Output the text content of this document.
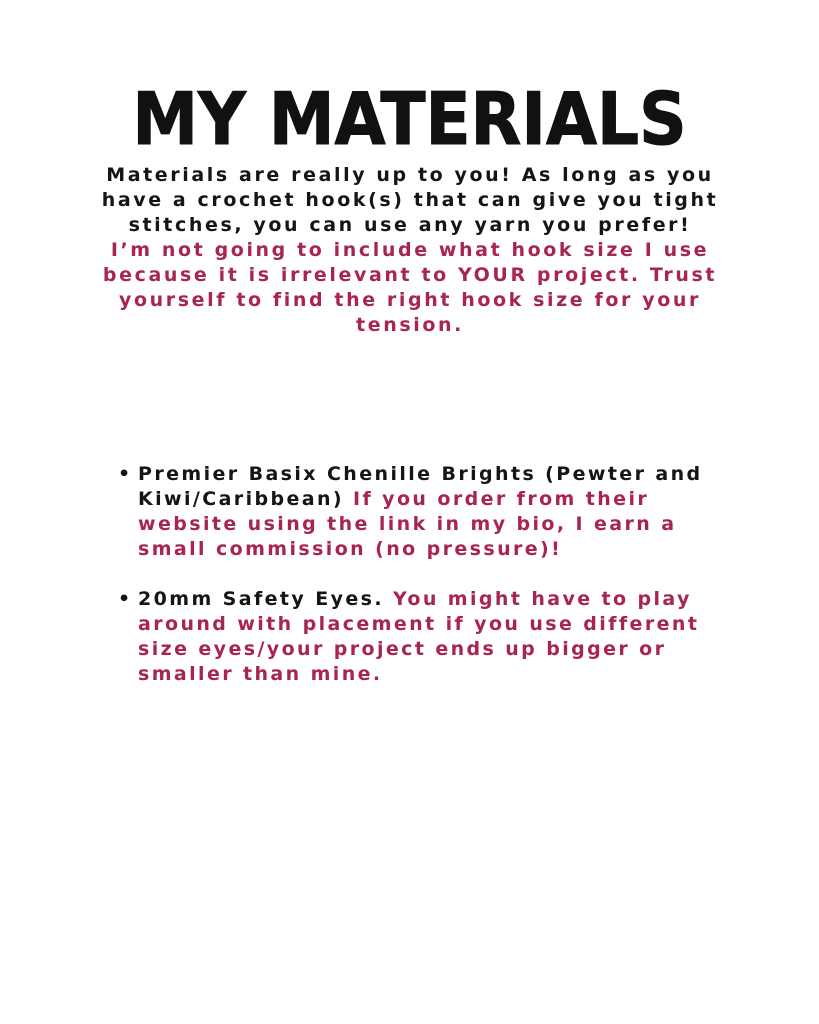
MY MATERIALS

Materials are really up to you! As long as you have a crochet hook(s) that can give you tight stitches, you can use any yarn you prefer!

I’m not going to include what hook size I use because it is irrelevant to YOUR project. Trust yourself to find the right hook size for your tension.

• Premier Basix Chenille Brights (Pewter and Kiwi/Caribbean) If you order from their website using the link in my bio, I earn a small commission (no pressure)!
• 20mm Safety Eyes. You might have to play around with placement if you use different size eyes/your project ends up bigger or smaller than mine.
